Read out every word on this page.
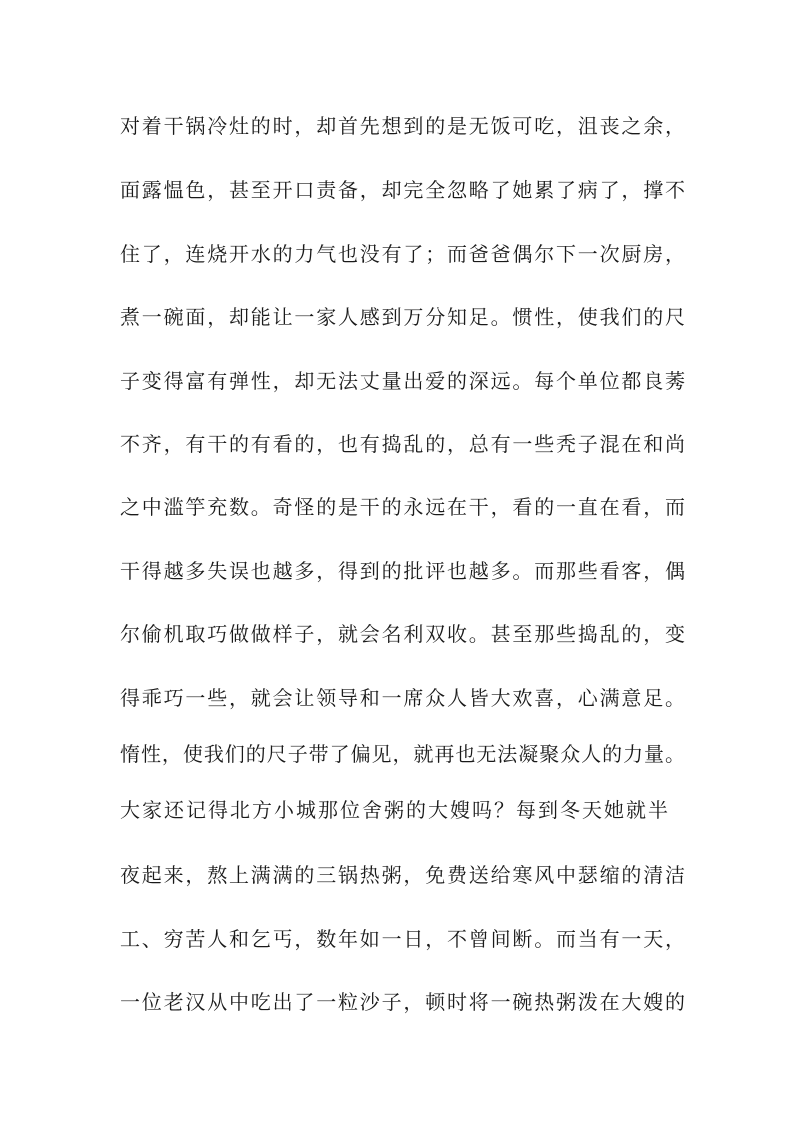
对着干锅冷灶的时，却首先想到的是无饭可吃，沮丧之余，
面露愠色，甚至开口责备，却完全忽略了她累了病了，撑不
住了，连烧开水的力气也没有了；而爸爸偶尔下一次厨房，
煮一碗面，却能让一家人感到万分知足。惯性，使我们的尺
子变得富有弹性，却无法丈量出爱的深远。每个单位都良莠
不齐，有干的有看的，也有捣乱的，总有一些秃子混在和尚
之中滥竽充数。奇怪的是干的永远在干，看的一直在看，而
干得越多失误也越多，得到的批评也越多。而那些看客，偶
尔偷机取巧做做样子，就会名利双收。甚至那些捣乱的，变
得乖巧一些，就会让领导和一席众人皆大欢喜，心满意足。
惰性，使我们的尺子带了偏见，就再也无法凝聚众人的力量。
大家还记得北方小城那位舍粥的大嫂吗？每到冬天她就半
夜起来，熬上满满的三锅热粥，免费送给寒风中瑟缩的清洁
工、穷苦人和乞丐，数年如一日，不曾间断。而当有一天，
一位老汉从中吃出了一粒沙子，顿时将一碗热粥泼在大嫂的
